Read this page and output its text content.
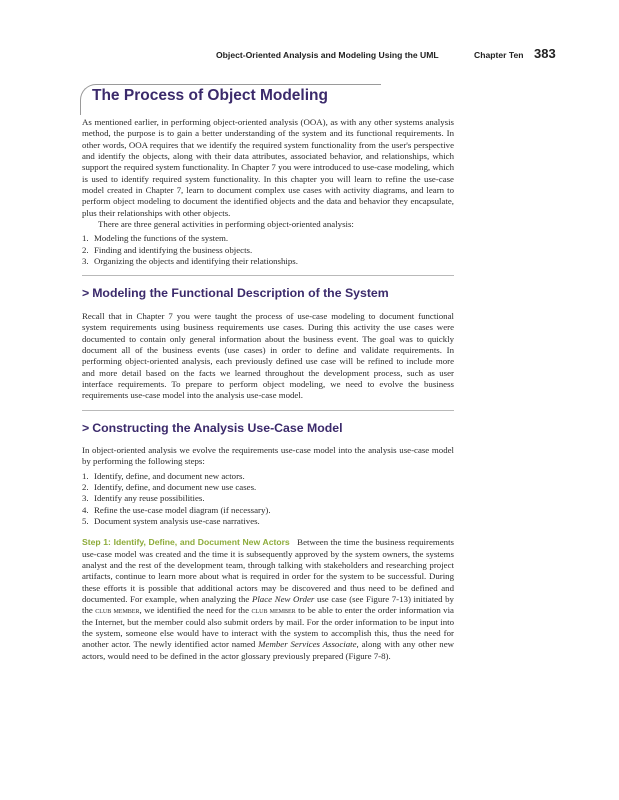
Object-Oriented Analysis and Modeling Using the UML	Chapter Ten 383
The Process of Object Modeling

As mentioned earlier, in performing object-oriented analysis (OOA), as with any other systems analysis method, the purpose is to gain a better understanding of the system and its functional requirements. In other words, OOA requires that we identify the required system functionality from the user's perspective and identify the objects, along with their data attributes, associated behavior, and relationships, which support the required system functionality. In Chapter 7 you were introduced to use-case modeling, which is used to identify required system functionality. In this chapter you will learn to refine the use-case model created in Chapter 7, learn to document complex use cases with activity diagrams, and learn to perform object modeling to document the identified objects and the data and behavior they encapsulate, plus their relationships with other objects.

There are three general activities in performing object-oriented analysis:

1. Modeling the functions of the system.
2. Finding and identifying the business objects.
3. Organizing the objects and identifying their relationships.
> Modeling the Functional Description of the System

Recall that in Chapter 7 you were taught the process of use-case modeling to document functional system requirements using business requirements use cases. During this activity the use cases were documented to contain only general information about the business event. The goal was to quickly document all of the business events (use cases) in order to define and validate requirements. In performing object-oriented analysis, each previously defined use case will be refined to include more and more detail based on the facts we learned throughout the development process, such as user interface requirements. To prepare to perform object modeling, we need to evolve the business requirements use-case model into the analysis use-case model.

> Constructing the Analysis Use-Case Model

In object-oriented analysis we evolve the requirements use-case model into the analysis use-case model by performing the following steps:

1. Identify, define, and document new actors.
2. Identify, define, and document new use cases.
3. Identify any reuse possibilities.
4. Refine the use-case model diagram (if necessary).
5. Document system analysis use-case narratives.

Step 1: Identify, Define, and Document New Actors Between the time the business requirements use-case model was created and the time it is subsequently approved by the system owners, the systems analyst and the rest of the development team, through talking with stakeholders and researching project artifacts, continue to learn more about what is required in order for the system to be successful. During these efforts it is possible that additional actors may be discovered and thus need to be defined and documented. For example, when analyzing the Place New Order use case (see Figure 7-13) initiated by the club member, we identified the need for the club member to be able to enter the order information via the Internet, but the member could also submit orders by mail. For the order information to be input into the system, someone else would have to interact with the system to accomplish this, thus the need for another actor. The newly identified actor named Member Services Associate, along with any other new actors, would need to be defined in the actor glossary previously prepared (Figure 7-8).
